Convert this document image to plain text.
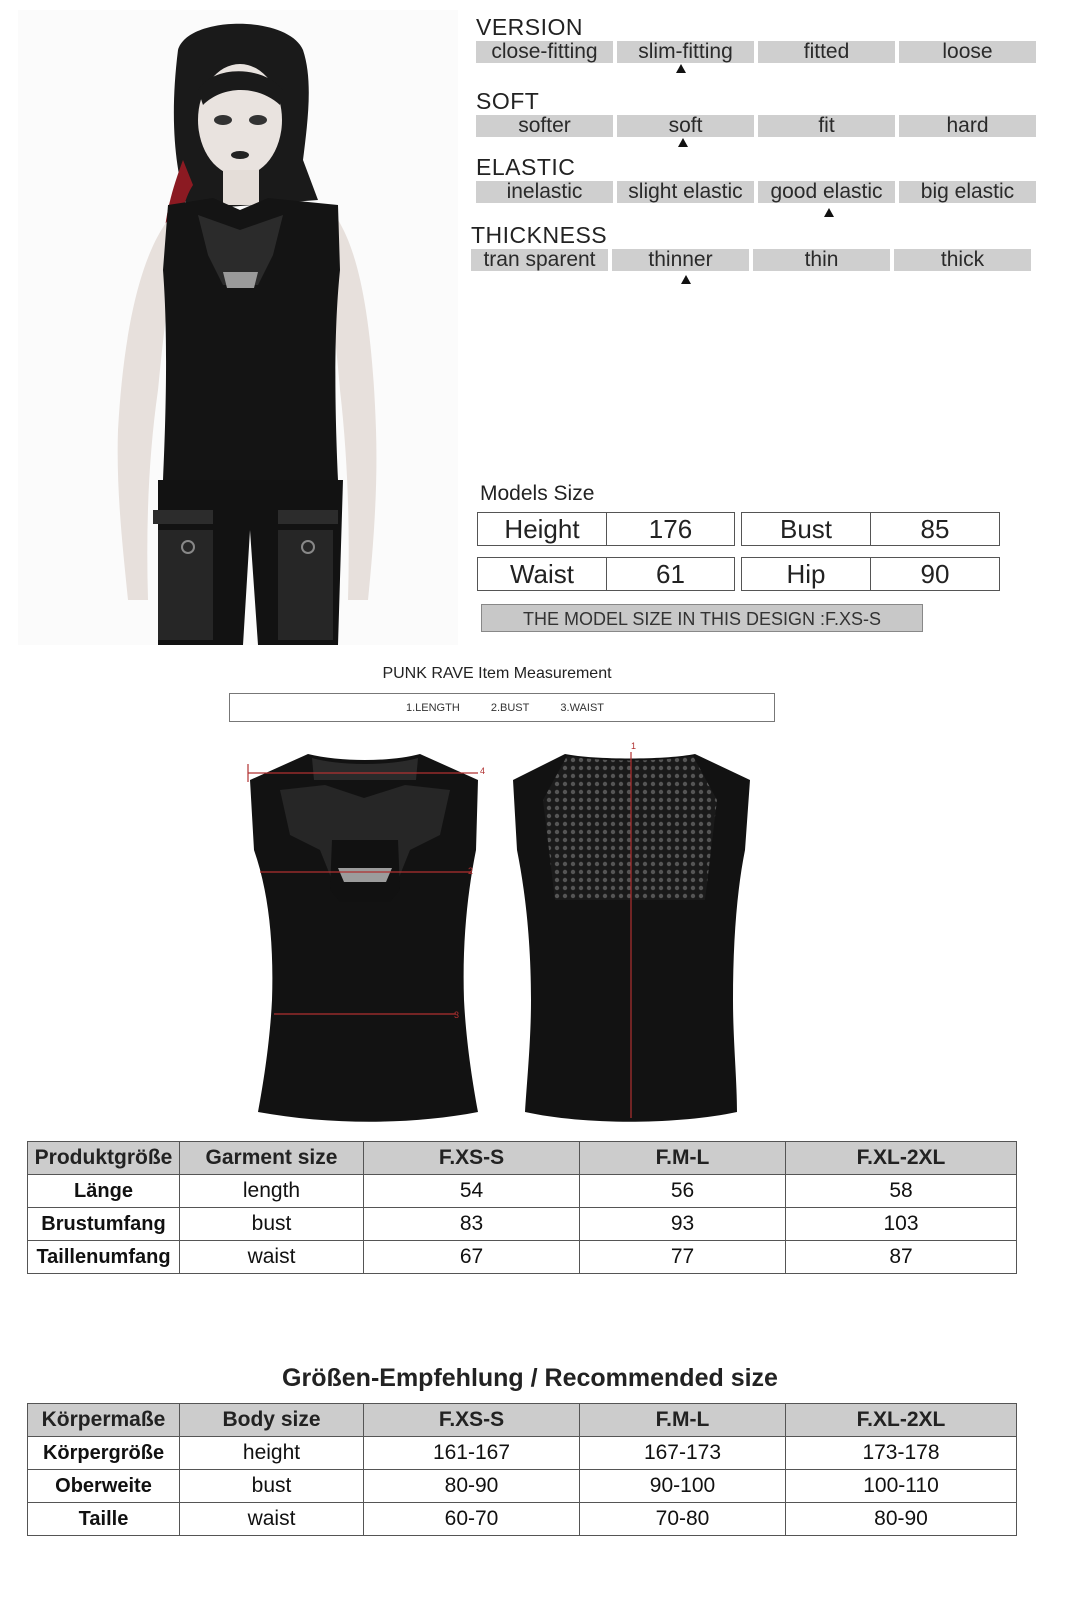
VERSION
close-fitting	slim-fitting	fitted	loose
SOFT
softer	soft	fit	hard
ELASTIC
inelastic	slight elastic	good elastic	big elastic
THICKNESS
tran sparent	thinner	thin	thick
Models Size
Height	176	Bust	85
Waist	61	Hip	90
THE MODEL SIZE IN THIS DESIGN :F.XS-S
PUNK RAVE Item Measurement
1.LENGTH	2.BUST	3.WAIST
4
2
3
1
Produktgröße	Garment size	F.XS-S	F.M-L	F.XL-2XL
Länge	length	54	56	58
Brustumfang	bust	83	93	103
Taillenumfang	waist	67	77	87
Größen-Empfehlung / Recommended size
Körpermaße	Body size	F.XS-S	F.M-L	F.XL-2XL
Körpergröße	height	161-167	167-173	173-178
Oberweite	bust	80-90	90-100	100-110
Taille	waist	60-70	70-80	80-90
